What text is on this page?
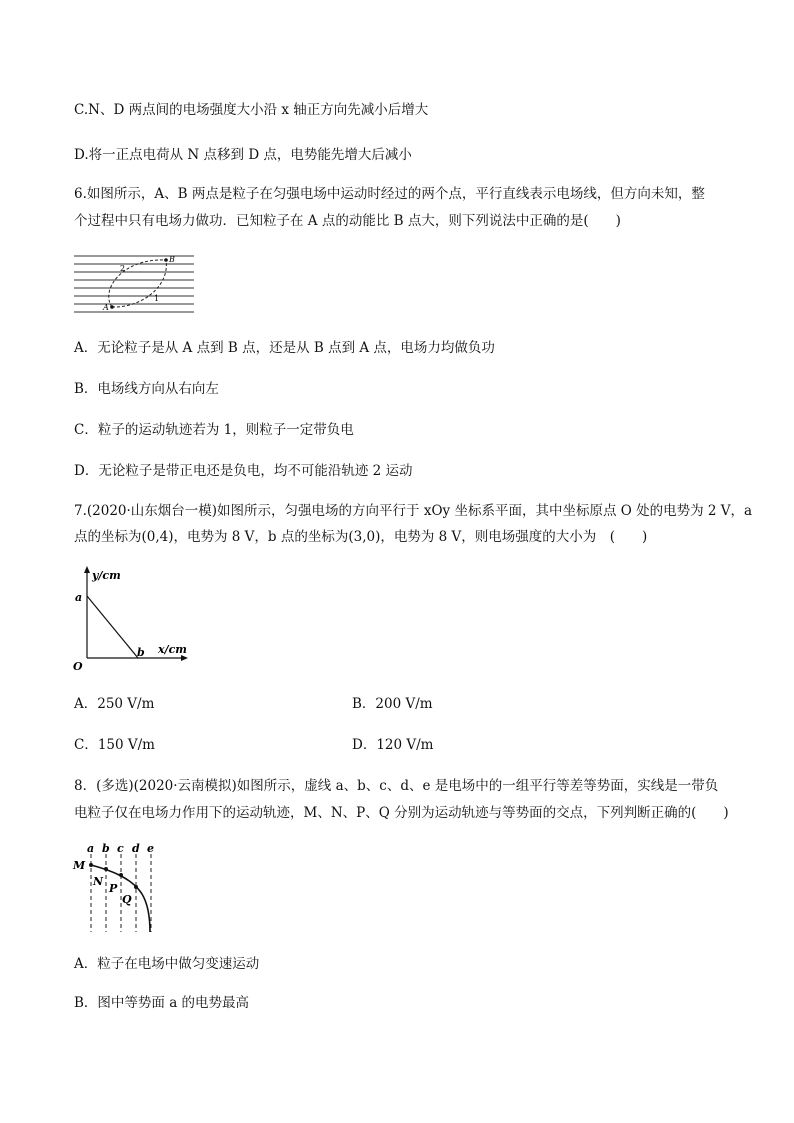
C.N、D 两点间的电场强度大小沿 x 轴正方向先减小后增大
D.将一正点电荷从 N 点移到 D 点，电势能先增大后减小
6.如图所示，A、B 两点是粒子在匀强电场中运动时经过的两个点，平行直线表示电场线，但方向未知，整
个过程中只有电场力做功．已知粒子在 A 点的动能比 B 点大，则下列说法中正确的是(　　)
A
B
2
1
A．无论粒子是从 A 点到 B 点，还是从 B 点到 A 点，电场力均做负功
B．电场线方向从右向左
C．粒子的运动轨迹若为 1，则粒子一定带负电
D．无论粒子是带正电还是负电，均不可能沿轨迹 2 运动
7.(2020·山东烟台一模)如图所示，匀强电场的方向平行于 xOy 坐标系平面，其中坐标原点 O 处的电势为 2 V，a
点的坐标为(0,4)，电势为 8 V，b 点的坐标为(3,0)，电势为 8 V，则电场强度的大小为　(　　)
y/cm
x/cm
O
a
b
A．250 V/m	B．200 V/m
C．150 V/m	D．120 V/m
8．(多选)(2020·云南模拟)如图所示，虚线 a、b、c、d、e 是电场中的一组平行等差等势面，实线是一带负
电粒子仅在电场力作用下的运动轨迹，M、N、P、Q 分别为运动轨迹与等势面的交点，下列判断正确的(　　)
a b c d e
M
N
P
Q
A．粒子在电场中做匀变速运动
B．图中等势面 a 的电势最高
